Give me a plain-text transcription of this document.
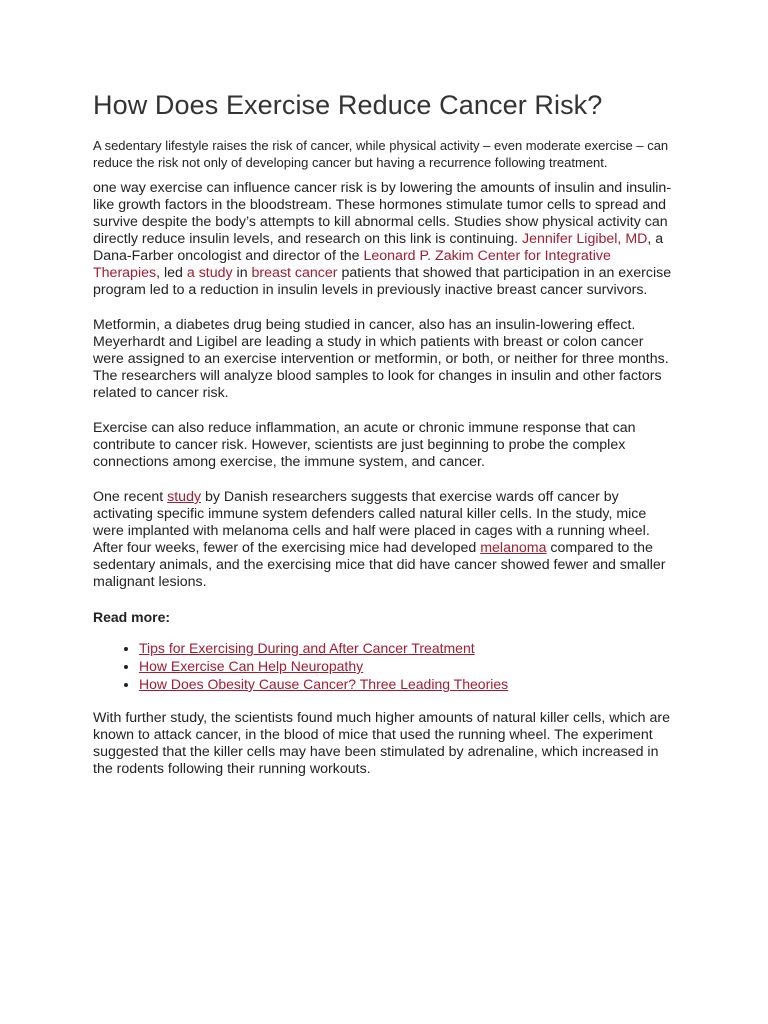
How Does Exercise Reduce Cancer Risk?

A sedentary lifestyle raises the risk of cancer, while physical activity – even moderate exercise – can reduce the risk not only of developing cancer but having a recurrence following treatment.

one way exercise can influence cancer risk is by lowering the amounts of insulin and insulin-like growth factors in the bloodstream. These hormones stimulate tumor cells to spread and survive despite the body’s attempts to kill abnormal cells. Studies show physical activity can directly reduce insulin levels, and research on this link is continuing. Jennifer Ligibel, MD, a Dana-Farber oncologist and director of the Leonard P. Zakim Center for Integrative Therapies, led a study in breast cancer patients that showed that participation in an exercise program led to a reduction in insulin levels in previously inactive breast cancer survivors.

Metformin, a diabetes drug being studied in cancer, also has an insulin-lowering effect. Meyerhardt and Ligibel are leading a study in which patients with breast or colon cancer were assigned to an exercise intervention or metformin, or both, or neither for three months. The researchers will analyze blood samples to look for changes in insulin and other factors related to cancer risk.

Exercise can also reduce inflammation, an acute or chronic immune response that can contribute to cancer risk. However, scientists are just beginning to probe the complex connections among exercise, the immune system, and cancer.

One recent study by Danish researchers suggests that exercise wards off cancer by activating specific immune system defenders called natural killer cells. In the study, mice were implanted with melanoma cells and half were placed in cages with a running wheel. After four weeks, fewer of the exercising mice had developed melanoma compared to the sedentary animals, and the exercising mice that did have cancer showed fewer and smaller malignant lesions.

Read more:

• Tips for Exercising During and After Cancer Treatment
• How Exercise Can Help Neuropathy
• How Does Obesity Cause Cancer? Three Leading Theories

With further study, the scientists found much higher amounts of natural killer cells, which are known to attack cancer, in the blood of mice that used the running wheel. The experiment suggested that the killer cells may have been stimulated by adrenaline, which increased in the rodents following their running workouts.
